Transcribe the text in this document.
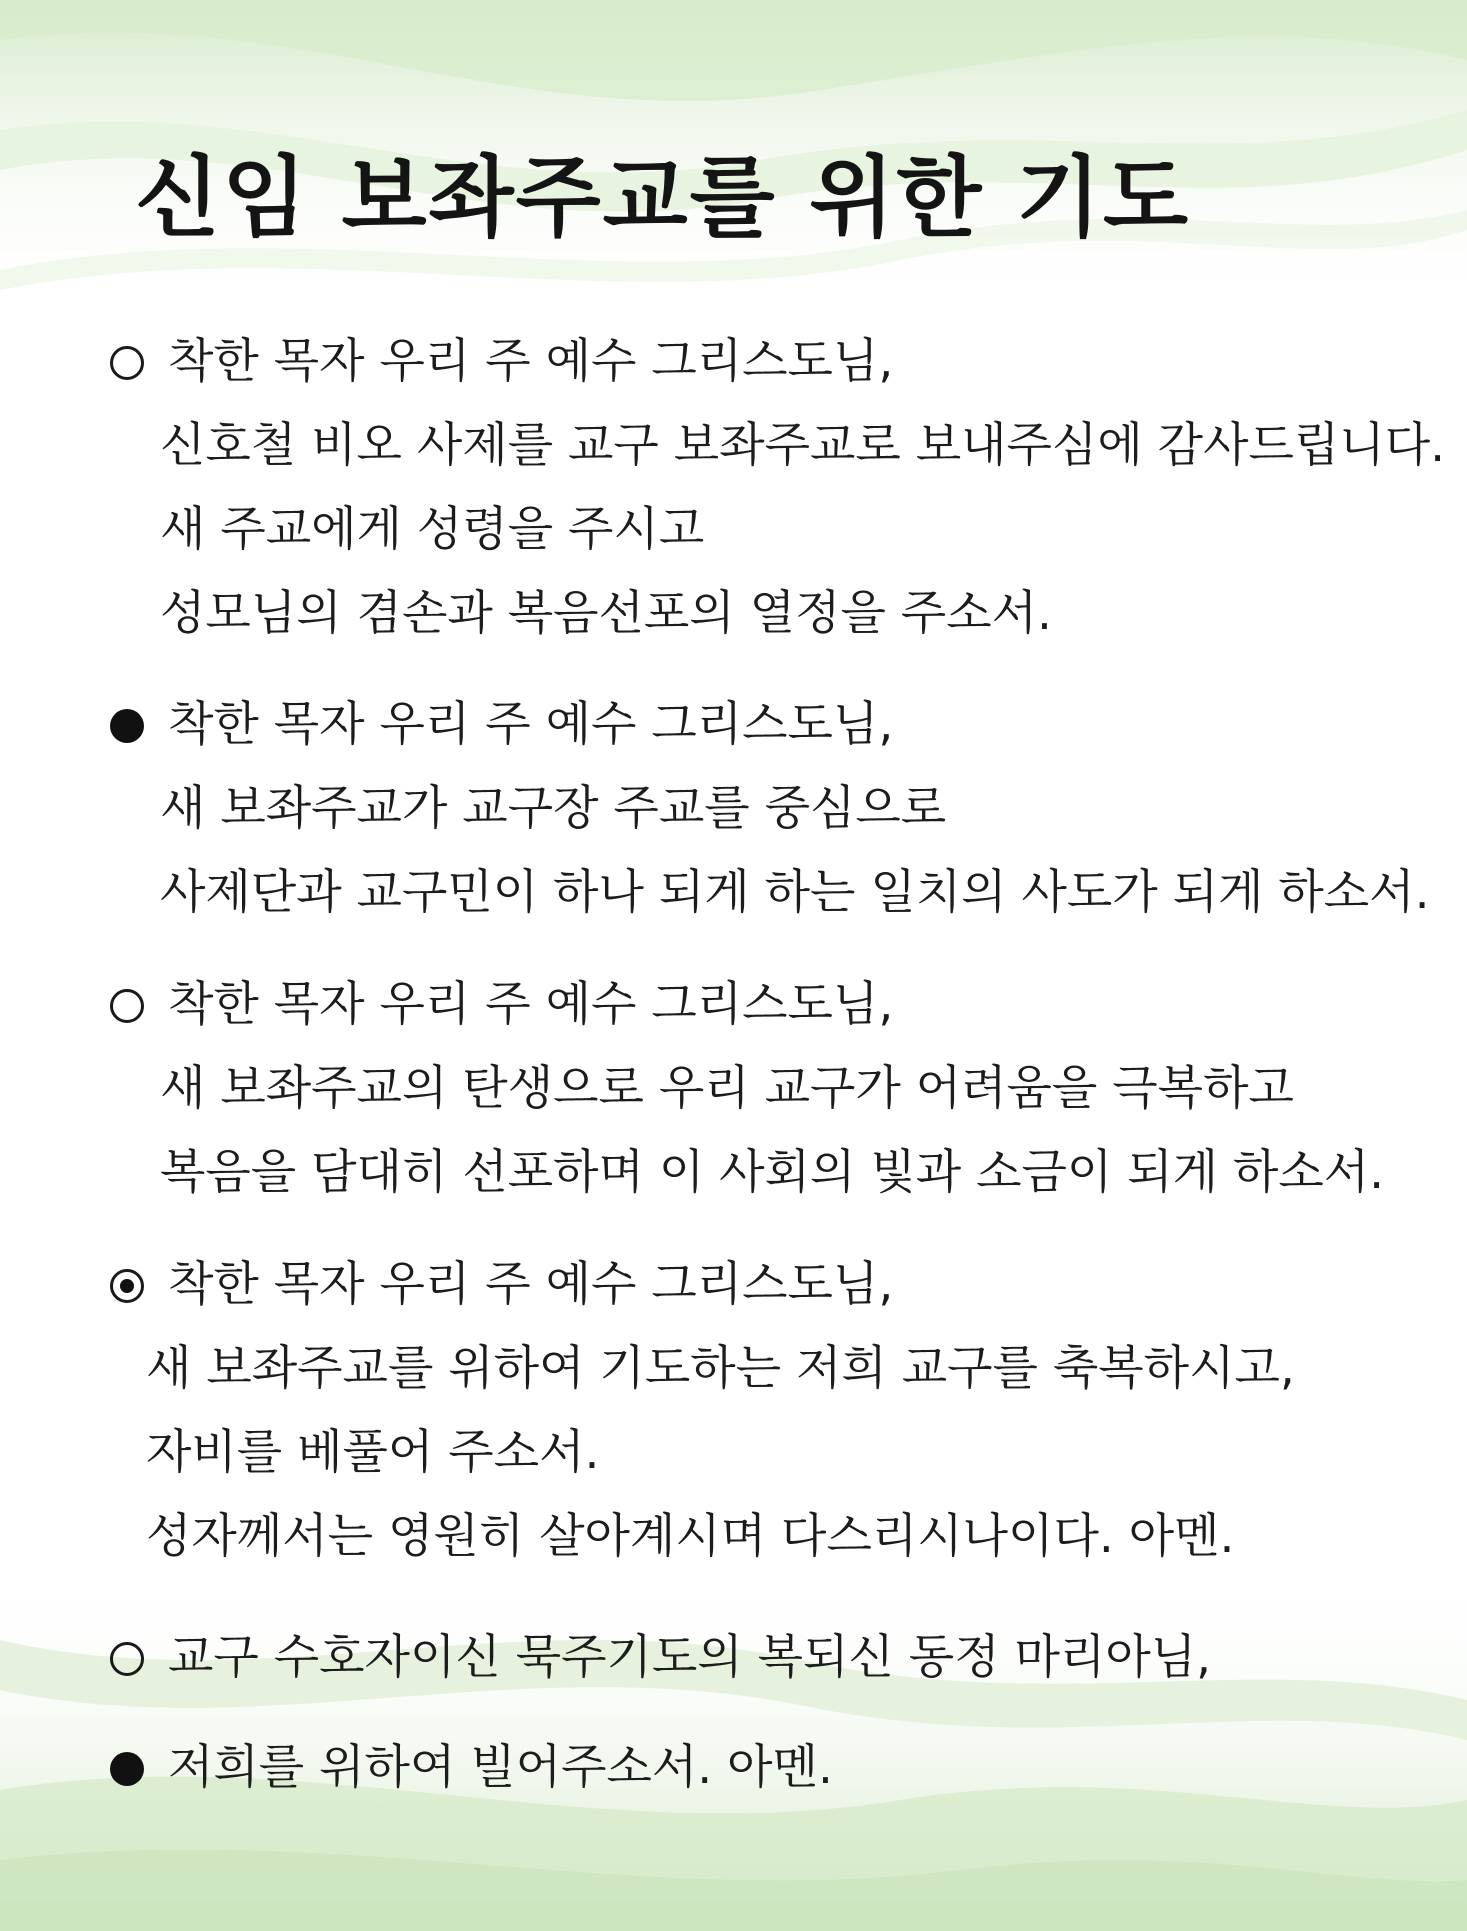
신임 보좌주교를 위한 기도
착한 목자 우리 주 예수 그리스도님,
신호철 비오 사제를 교구 보좌주교로 보내주심에 감사드립니다.
새 주교에게 성령을 주시고
성모님의 겸손과 복음선포의 열정을 주소서.
착한 목자 우리 주 예수 그리스도님,
새 보좌주교가 교구장 주교를 중심으로
사제단과 교구민이 하나 되게 하는 일치의 사도가 되게 하소서.
착한 목자 우리 주 예수 그리스도님,
새 보좌주교의 탄생으로 우리 교구가 어려움을 극복하고
복음을 담대히 선포하며 이 사회의 빛과 소금이 되게 하소서.
착한 목자 우리 주 예수 그리스도님,
새 보좌주교를 위하여 기도하는 저희 교구를 축복하시고,
자비를 베풀어 주소서.
성자께서는 영원히 살아계시며 다스리시나이다. 아멘.
교구 수호자이신 묵주기도의 복되신 동정 마리아님,
저희를 위하여 빌어주소서. 아멘.
